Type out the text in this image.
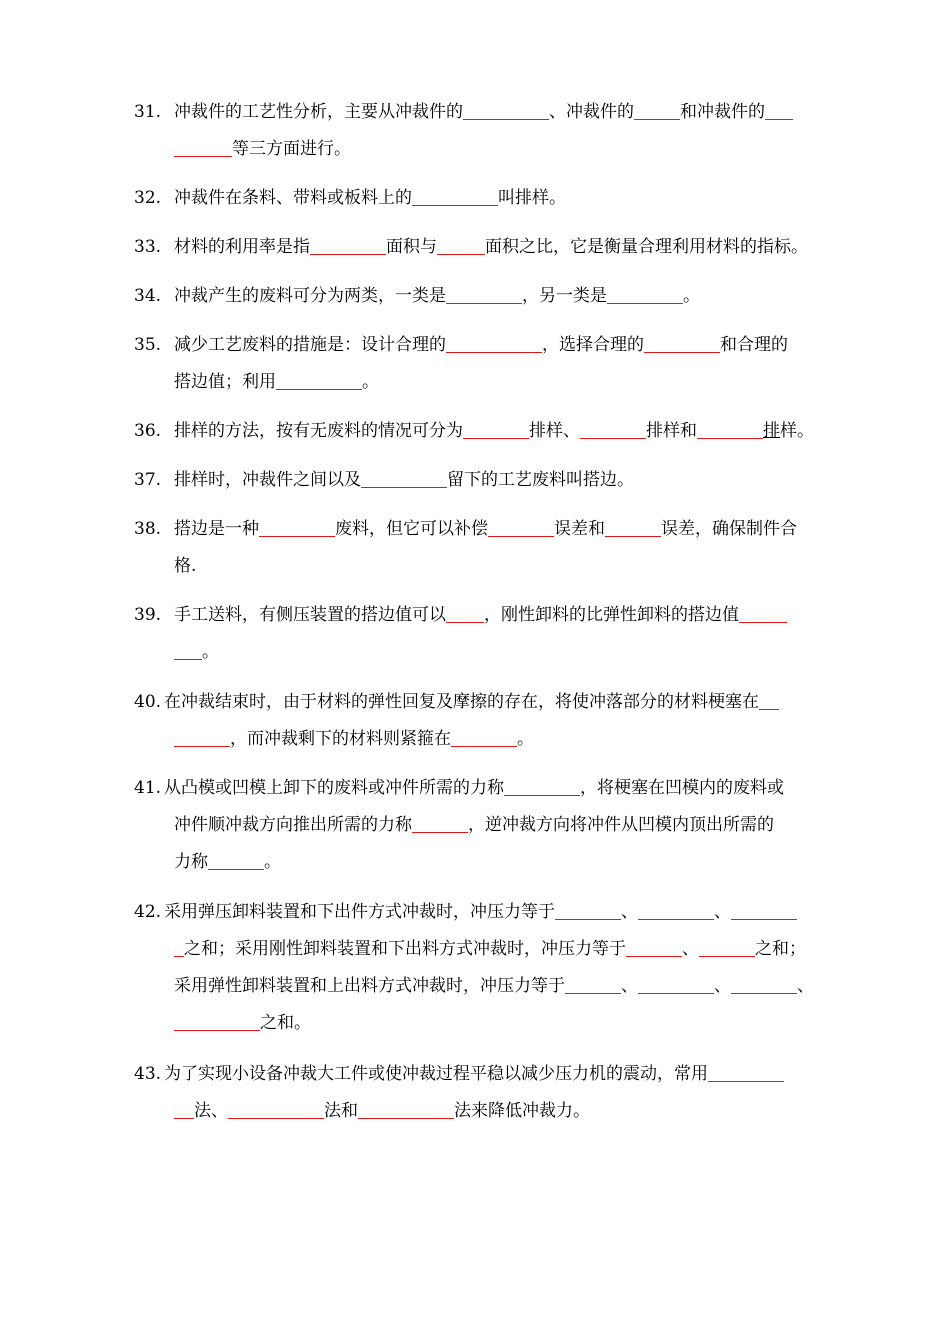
31. 冲裁件的工艺性分析，主要从冲裁件的	、冲裁件的	和冲裁件的
等三方面进行。
32. 冲裁件在条料、带料或板料上的	叫排样。
33. 材料的利用率是指	面积与	面积之比，它是衡量合理利用材料的指标。
34. 冲裁产生的废料可分为两类，一类是	，另一类是	。
35. 减少工艺废料的措施是：设计合理的	，选择合理的	和合理的
搭边值；利用	。
36. 排样的方法，按有无废料的情况可分为	排样、	排样和	排样。
37. 排样时，冲裁件之间以及	留下的工艺废料叫搭边。
38. 搭边是一种	废料，但它可以补偿	误差和	误差，确保制件合
格.
39. 手工送料，有侧压装置的搭边值可以 ，刚性卸料的比弹性卸料的搭边值
。
40. 在冲裁结束时，由于材料的弹性回复及摩擦的存在，将使冲落部分的材料梗塞在
，而冲裁剩下的材料则紧箍在	。
41. 从凸模或凹模上卸下的废料或冲件所需的力称	，将梗塞在凹模内的废料或
冲件顺冲裁方向推出所需的力称	，逆冲裁方向将冲件从凹模内顶出所需的
力称	。
42. 采用弹压卸料装置和下出件方式冲裁时，冲压力等于	、	、
之和；采用刚性卸料装置和下出料方式冲裁时，冲压力等于	、	之和；
采用弹性卸料装置和上出料方式冲裁时，冲压力等于	、	、	、
之和。
43. 为了实现小设备冲裁大工件或使冲裁过程平稳以减少压力机的震动，常用
法、	法和	法来降低冲裁力。
